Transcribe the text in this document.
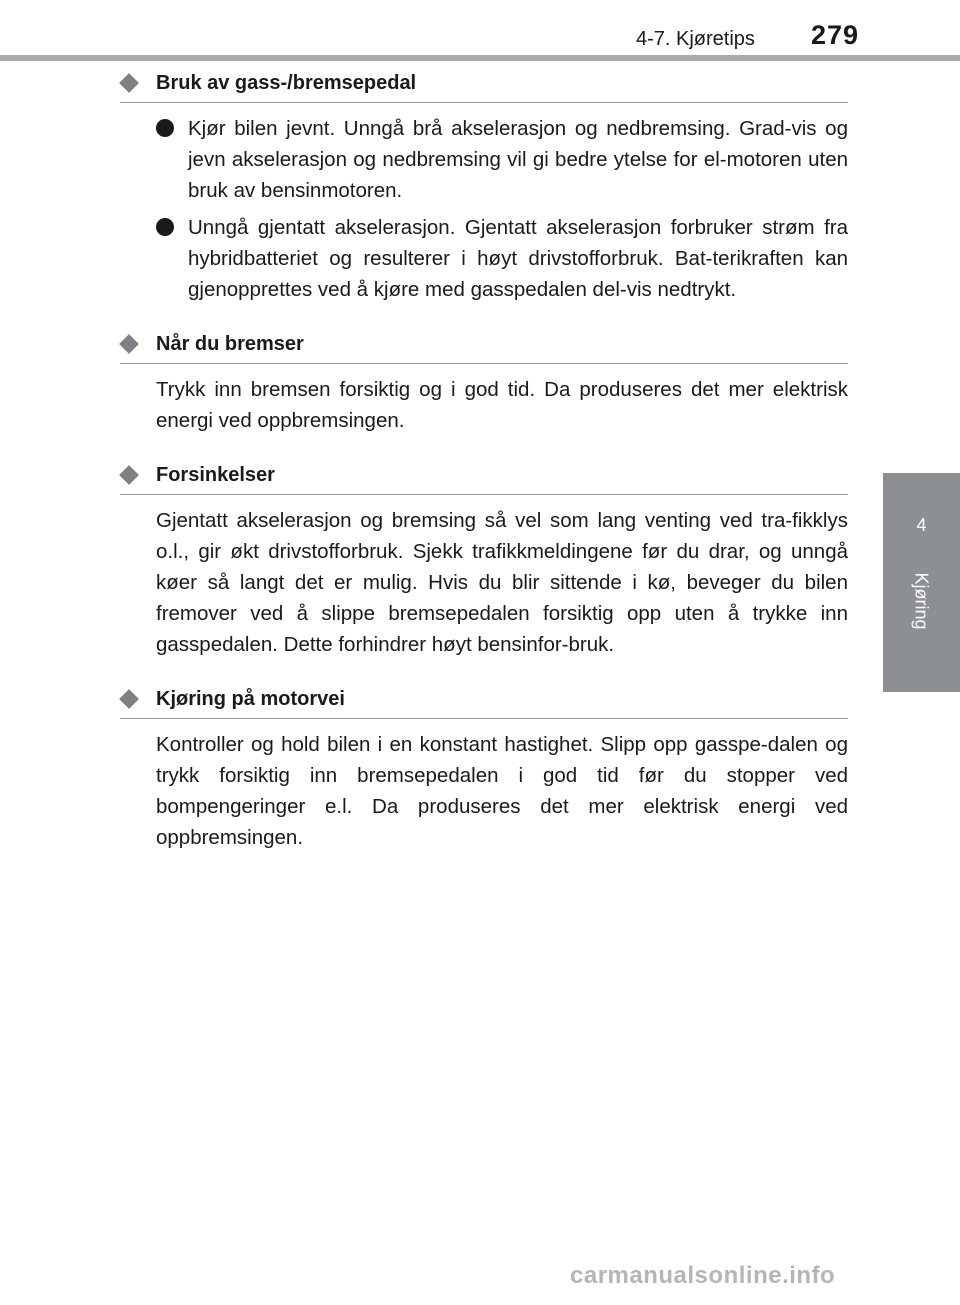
4-7. Kjøretips	279
4
Kjøring
Bruk av gass-/bremsepedal
Kjør bilen jevnt. Unngå brå akselerasjon og nedbremsing. Grad-vis og jevn akselerasjon og nedbremsing vil gi bedre ytelse for el-motoren uten bruk av bensinmotoren.
Unngå gjentatt akselerasjon. Gjentatt akselerasjon forbruker strøm fra hybridbatteriet og resulterer i høyt drivstofforbruk. Bat-terikraften kan gjenopprettes ved å kjøre med gasspedalen del-vis nedtrykt.
Når du bremser

Trykk inn bremsen forsiktig og i god tid. Da produseres det mer elektrisk energi ved oppbremsingen.

Forsinkelser

Gjentatt akselerasjon og bremsing så vel som lang venting ved tra-fikklys o.l., gir økt drivstofforbruk. Sjekk trafikkmeldingene før du drar, og unngå køer så langt det er mulig. Hvis du blir sittende i kø, beveger du bilen fremover ved å slippe bremsepedalen forsiktig opp uten å trykke inn gasspedalen. Dette forhindrer høyt bensinfor-bruk.

Kjøring på motorvei

Kontroller og hold bilen i en konstant hastighet. Slipp opp gasspe-dalen og trykk forsiktig inn bremsepedalen i god tid før du stopper ved bompengeringer e.l. Da produseres det mer elektrisk energi ved oppbremsingen.

carmanualsonline.info
